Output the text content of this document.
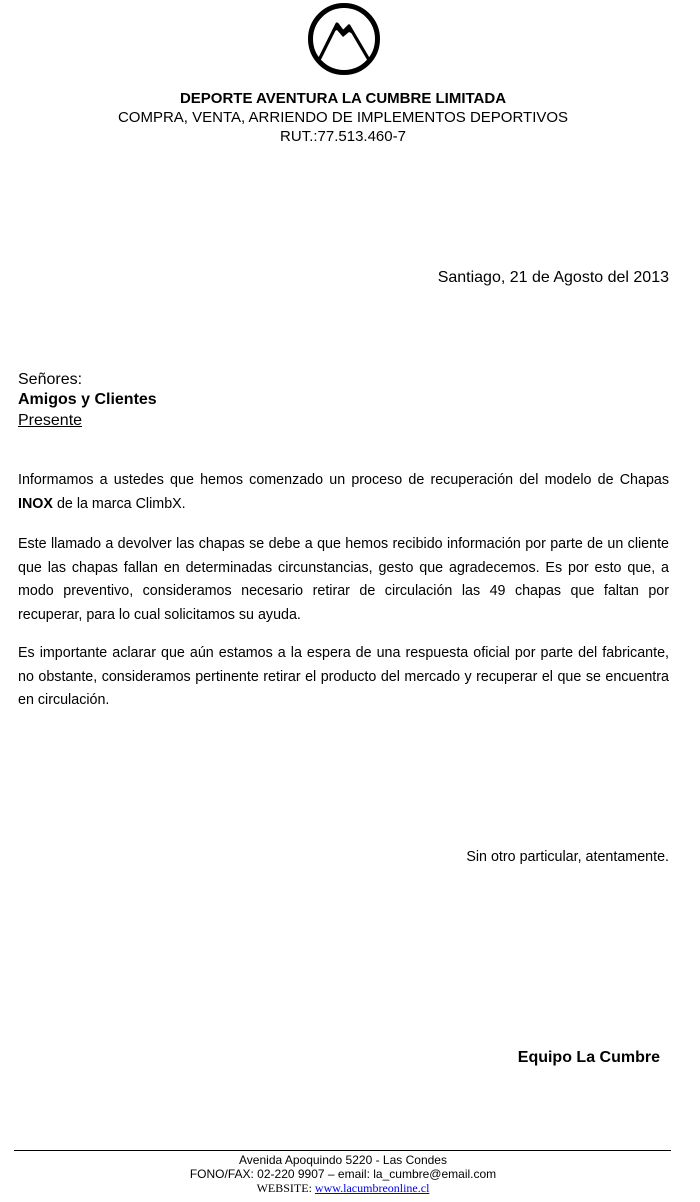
DEPORTE AVENTURA LA CUMBRE LIMITADA
COMPRA, VENTA, ARRIENDO DE IMPLEMENTOS DEPORTIVOS
RUT.:77.513.460-7
Santiago, 21 de Agosto del 2013
Señores:
Amigos y Clientes
Presente

Informamos a ustedes que hemos comenzado un proceso de recuperación del modelo de Chapas INOX de la marca ClimbX.

Este llamado a devolver las chapas se debe a que hemos recibido información por parte de un cliente que las chapas fallan en determinadas circunstancias, gesto que agradecemos. Es por esto que, a modo preventivo, consideramos necesario retirar de circulación las 49 chapas que faltan por recuperar, para lo cual solicitamos su ayuda.

Es importante aclarar que aún estamos a la espera de una respuesta oficial por parte del fabricante, no obstante, consideramos pertinente retirar el producto del mercado y recuperar el que se encuentra en circulación.

Sin otro particular, atentamente.
Equipo La Cumbre
Avenida Apoquindo 5220 - Las Condes
FONO/FAX: 02-220 9907 – email: la_cumbre@email.com
WEBSITE: www.lacumbreonline.cl
